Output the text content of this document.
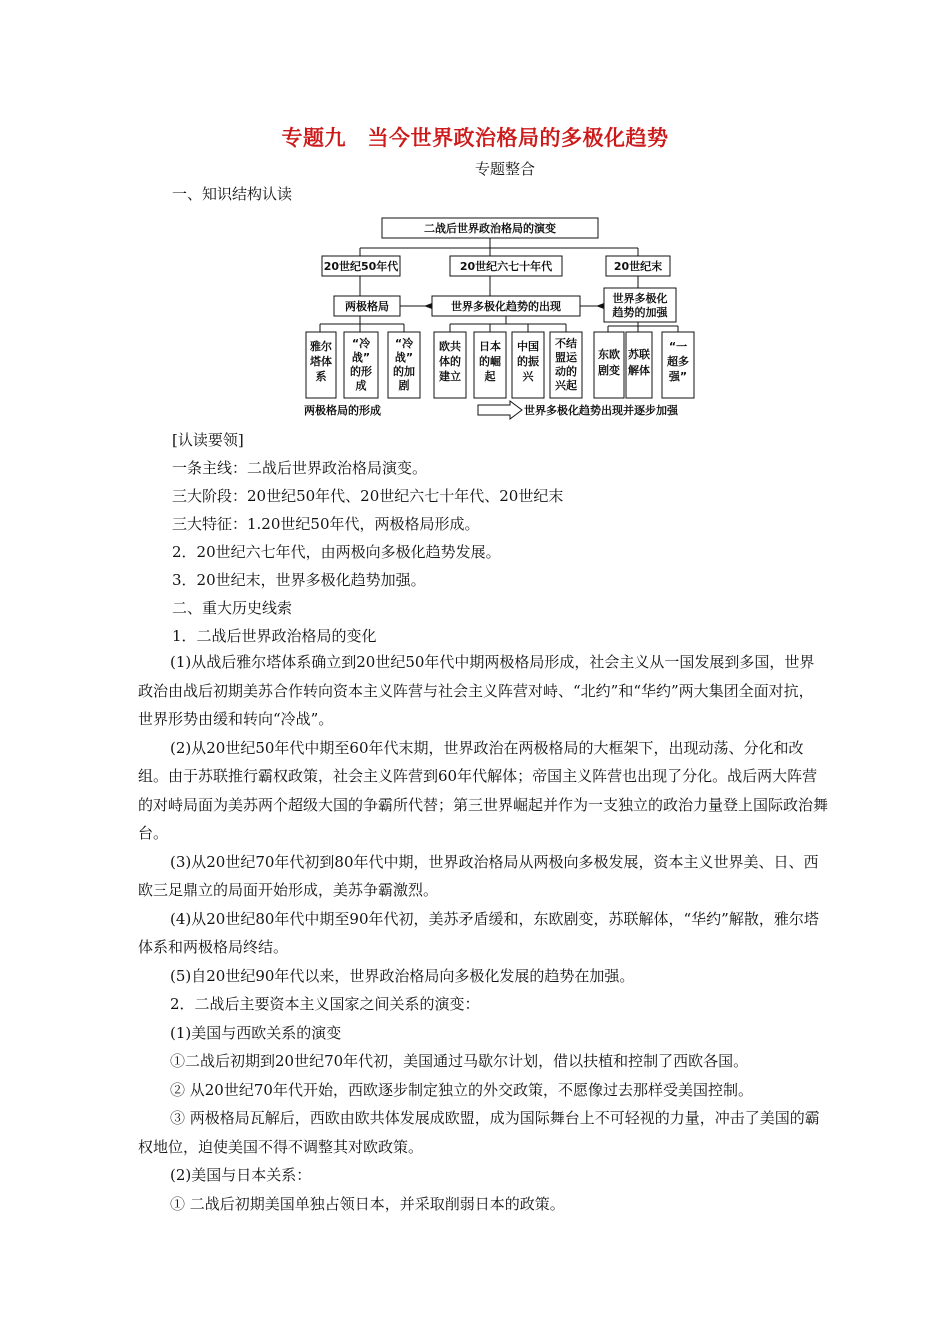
专题九　当今世界政治格局的多极化趋势
专题整合
一、知识结构认读
二战后世界政治格局的演变
20世纪50年代	20世纪六七十年代	20世纪末
两极格局	世界多极化趋势的出现
世界多极化
趋势的加强
雅尔
塔体
系
“冷
战”
的形
成
“冷
战”
的加
剧
欧共
体的
建立
日本
的崛
起
中国
的振
兴
不结
盟运
动的
兴起
东欧
剧变
苏联
解体
“一
超多
强”
两极格局的形成	世界多极化趋势出现并逐步加强
[认读要领]
一条主线：二战后世界政治格局演变。
三大阶段：20世纪50年代、20世纪六七十年代、20世纪末
三大特征：1.20世纪50年代，两极格局形成。
2．20世纪六七年代，由两极向多极化趋势发展。
3．20世纪末，世界多极化趋势加强。
二、重大历史线索
1．二战后世界政治格局的变化

(1)从战后雅尔塔体系确立到20世纪50年代中期两极格局形成，社会主义从一国发展到多国，世界政治由战后初期美苏合作转向资本主义阵营与社会主义阵营对峙、“北约”和“华约”两大集团全面对抗，世界形势由缓和转向“冷战”。

(2)从20世纪50年代中期至60年代末期，世界政治在两极格局的大框架下，出现动荡、分化和改组。由于苏联推行霸权政策，社会主义阵营到60年代解体；帝国主义阵营也出现了分化。战后两大阵营的对峙局面为美苏两个超级大国的争霸所代替；第三世界崛起并作为一支独立的政治力量登上国际政治舞台。

(3)从20世纪70年代初到80年代中期，世界政治格局从两极向多极发展，资本主义世界美、日、西欧三足鼎立的局面开始形成，美苏争霸激烈。

(4)从20世纪80年代中期至90年代初，美苏矛盾缓和，东欧剧变，苏联解体，“华约”解散，雅尔塔体系和两极格局终结。

(5)自20世纪90年代以来，世界政治格局向多极化发展的趋势在加强。

2．二战后主要资本主义国家之间关系的演变：

(1)美国与西欧关系的演变

①二战后初期到20世纪70年代初，美国通过马歇尔计划，借以扶植和控制了西欧各国。

② 从20世纪70年代开始，西欧逐步制定独立的外交政策，不愿像过去那样受美国控制。

③ 两极格局瓦解后，西欧由欧共体发展成欧盟，成为国际舞台上不可轻视的力量，冲击了美国的霸权地位，迫使美国不得不调整其对欧政策。

(2)美国与日本关系：

① 二战后初期美国单独占领日本，并采取削弱日本的政策。
